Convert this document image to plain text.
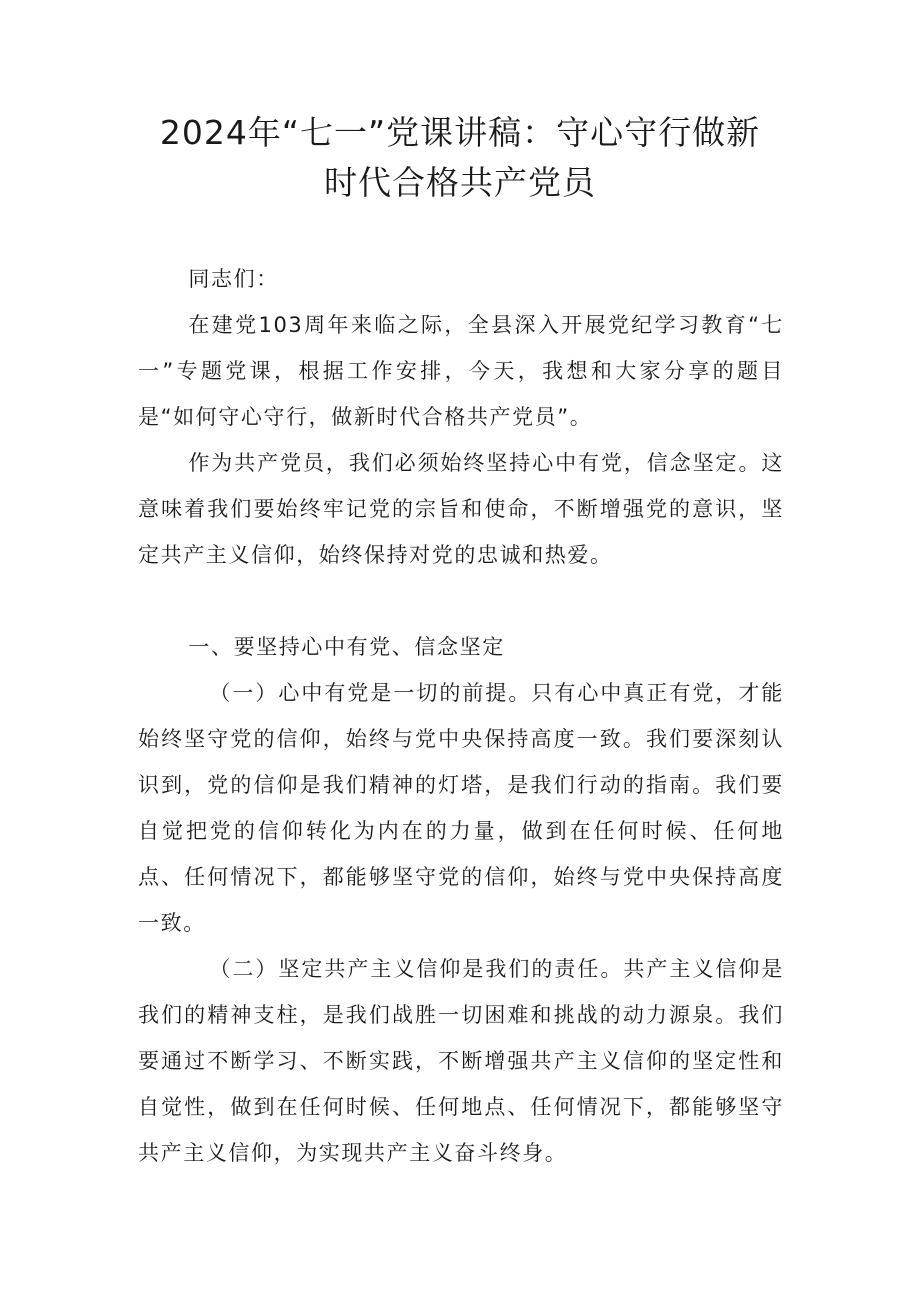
2024年“七一”党课讲稿：守心守行做新
时代合格共产党员

同志们：

在建党103周年来临之际，全县深入开展党纪学习教育“七一”专题党课，根据工作安排，今天，我想和大家分享的题目是“如何守心守行，做新时代合格共产党员”。

作为共产党员，我们必须始终坚持心中有党，信念坚定。这意味着我们要始终牢记党的宗旨和使命，不断增强党的意识，坚定共产主义信仰，始终保持对党的忠诚和热爱。

一、要坚持心中有党、信念坚定

（一）心中有党是一切的前提。只有心中真正有党，才能始终坚守党的信仰，始终与党中央保持高度一致。我们要深刻认识到，党的信仰是我们精神的灯塔，是我们行动的指南。我们要自觉把党的信仰转化为内在的力量，做到在任何时候、任何地点、任何情况下，都能够坚守党的信仰，始终与党中央保持高度一致。

（二）坚定共产主义信仰是我们的责任。共产主义信仰是我们的精神支柱，是我们战胜一切困难和挑战的动力源泉。我们要通过不断学习、不断实践，不断增强共产主义信仰的坚定性和自觉性，做到在任何时候、任何地点、任何情况下，都能够坚守共产主义信仰，为实现共产主义奋斗终身。
